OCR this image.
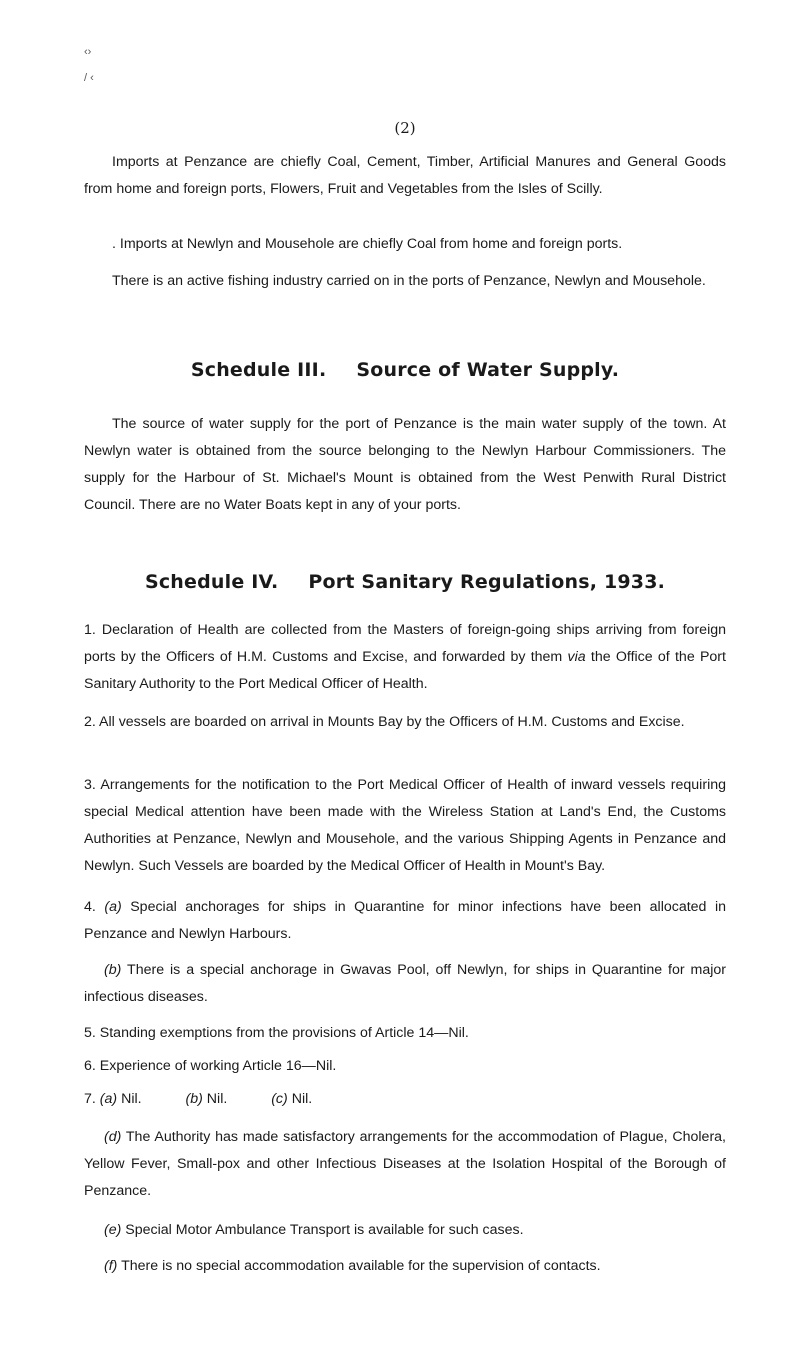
‹›
/ ‹
(2)

Imports at Penzance are chiefly Coal, Cement, Timber, Artificial Manures and General Goods from home and foreign ports, Flowers, Fruit and Vegetables from the Isles of Scilly.

. Imports at Newlyn and Mousehole are chiefly Coal from home and foreign ports.

There is an active fishing industry carried on in the ports of Penzance, Newlyn and Mousehole.

Schedule III. Source of Water Supply.

The source of water supply for the port of Penzance is the main water supply of the town. At Newlyn water is obtained from the source belonging to the Newlyn Harbour Commissioners. The supply for the Harbour of St. Michael's Mount is obtained from the West Penwith Rural District Council. There are no Water Boats kept in any of your ports.

Schedule IV. Port Sanitary Regulations, 1933.

1. Declaration of Health are collected from the Masters of foreign-going ships arriving from foreign ports by the Officers of H.M. Customs and Excise, and forwarded by them via the Office of the Port Sanitary Authority to the Port Medical Officer of Health.

2. All vessels are boarded on arrival in Mounts Bay by the Officers of H.M. Customs and Excise.

3. Arrangements for the notification to the Port Medical Officer of Health of inward vessels requiring special Medical attention have been made with the Wireless Station at Land's End, the Customs Authorities at Penzance, Newlyn and Mousehole, and the various Shipping Agents in Penzance and Newlyn. Such Vessels are boarded by the Medical Officer of Health in Mount's Bay.

4. (a) Special anchorages for ships in Quarantine for minor infections have been allocated in Penzance and Newlyn Harbours.

(b) There is a special anchorage in Gwavas Pool, off Newlyn, for ships in Quarantine for major infectious diseases.

5. Standing exemptions from the provisions of Article 14—Nil.

6. Experience of working Article 16—Nil.

7. (a) Nil.	(b) Nil.	(c) Nil.

(d) The Authority has made satisfactory arrangements for the accommodation of Plague, Cholera, Yellow Fever, Small-pox and other Infectious Diseases at the Isolation Hospital of the Borough of Penzance.

(e) Special Motor Ambulance Transport is available for such cases.

(f) There is no special accommodation available for the supervision of contacts.
